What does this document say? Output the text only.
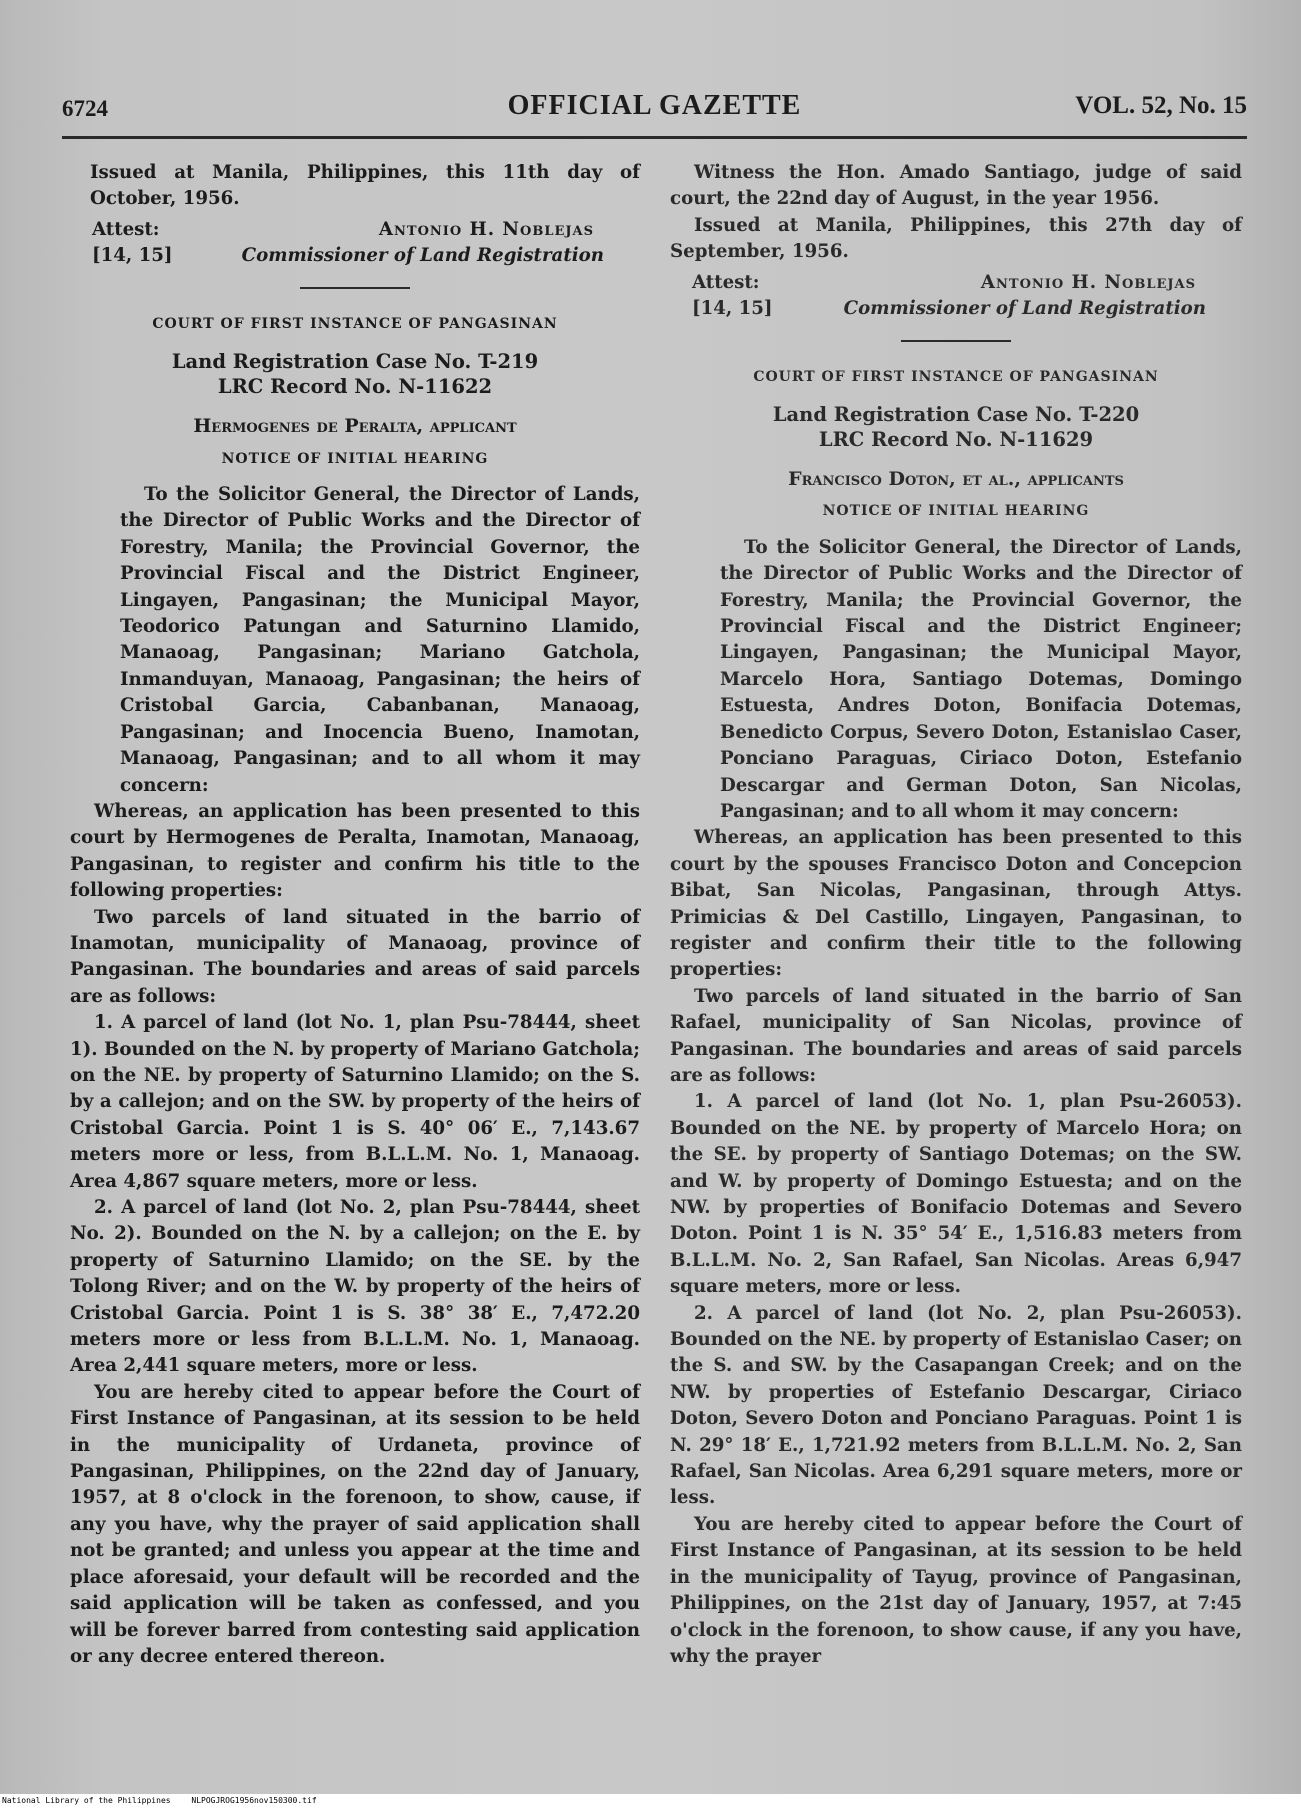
6724	OFFICIAL GAZETTE	VOL. 52, No. 15

Issued at Manila, Philippines, this 11th day of October, 1956.

Attest:
[14, 15]
Antonio H. Noblejas
Commissioner of Land Registration
COURT OF FIRST INSTANCE OF PANGASINAN
Land Registration Case No. T-219
LRC Record No. N-11622
Hermogenes de Peralta, applicant
NOTICE OF INITIAL HEARING

To the Solicitor General, the Director of Lands, the Director of Public Works and the Director of Forestry, Manila; the Provincial Governor, the Provincial Fiscal and the District Engineer, Lingayen, Pangasinan; the Municipal Mayor, Teodorico Patungan and Saturnino Llamido, Manaoag, Pangasinan; Mariano Gatchola, Inmanduyan, Manaoag, Pangasinan; the heirs of Cristobal Garcia, Cabanbanan, Manaoag, Pangasinan; and Inocencia Bueno, Inamotan, Manaoag, Pangasinan; and to all whom it may concern:

Whereas, an application has been presented to this court by Hermogenes de Peralta, Inamotan, Manaoag, Pangasinan, to register and confirm his title to the following properties:

Two parcels of land situated in the barrio of Inamotan, municipality of Manaoag, province of Pangasinan. The boundaries and areas of said parcels are as follows:

1. A parcel of land (lot No. 1, plan Psu-78444, sheet 1). Bounded on the N. by property of Mariano Gatchola; on the NE. by property of Saturnino Llamido; on the S. by a callejon; and on the SW. by property of the heirs of Cristobal Garcia. Point 1 is S. 40° 06′ E., 7,143.67 meters more or less, from B.L.L.M. No. 1, Manaoag. Area 4,867 square meters, more or less.

2. A parcel of land (lot No. 2, plan Psu-78444, sheet No. 2). Bounded on the N. by a callejon; on the E. by property of Saturnino Llamido; on the SE. by the Tolong River; and on the W. by property of the heirs of Cristobal Garcia. Point 1 is S. 38° 38′ E., 7,472.20 meters more or less from B.L.L.M. No. 1, Manaoag. Area 2,441 square meters, more or less.

You are hereby cited to appear before the Court of First Instance of Pangasinan, at its session to be held in the municipality of Urdaneta, province of Pangasinan, Philippines, on the 22nd day of January, 1957, at 8 o'clock in the forenoon, to show, cause, if any you have, why the prayer of said application shall not be granted; and unless you appear at the time and place aforesaid, your default will be recorded and the said application will be taken as confessed, and you will be forever barred from contesting said application or any decree entered thereon.

Witness the Hon. Amado Santiago, judge of said court, the 22nd day of August, in the year 1956.

Issued at Manila, Philippines, this 27th day of September, 1956.

Attest:
[14, 15]
Antonio H. Noblejas
Commissioner of Land Registration
COURT OF FIRST INSTANCE OF PANGASINAN
Land Registration Case No. T-220
LRC Record No. N-11629
Francisco Doton, et al., applicants
NOTICE OF INITIAL HEARING

To the Solicitor General, the Director of Lands, the Director of Public Works and the Director of Forestry, Manila; the Provincial Governor, the Provincial Fiscal and the District Engineer; Lingayen, Pangasinan; the Municipal Mayor, Marcelo Hora, Santiago Dotemas, Domingo Estuesta, Andres Doton, Bonifacia Dotemas, Benedicto Corpus, Severo Doton, Estanislao Caser, Ponciano Paraguas, Ciriaco Doton, Estefanio Descargar and German Doton, San Nicolas, Pangasinan; and to all whom it may concern:

Whereas, an application has been presented to this court by the spouses Francisco Doton and Concepcion Bibat, San Nicolas, Pangasinan, through Attys. Primicias & Del Castillo, Lingayen, Pangasinan, to register and confirm their title to the following properties:

Two parcels of land situated in the barrio of San Rafael, municipality of San Nicolas, province of Pangasinan. The boundaries and areas of said parcels are as follows:

1. A parcel of land (lot No. 1, plan Psu-26053). Bounded on the NE. by property of Marcelo Hora; on the SE. by property of Santiago Dotemas; on the SW. and W. by property of Domingo Estuesta; and on the NW. by properties of Bonifacio Dotemas and Severo Doton. Point 1 is N. 35° 54′ E., 1,516.83 meters from B.L.L.M. No. 2, San Rafael, San Nicolas. Areas 6,947 square meters, more or less.

2. A parcel of land (lot No. 2, plan Psu-26053). Bounded on the NE. by property of Estanislao Caser; on the S. and SW. by the Casapangan Creek; and on the NW. by properties of Estefanio Descargar, Ciriaco Doton, Severo Doton and Ponciano Paraguas. Point 1 is N. 29° 18′ E., 1,721.92 meters from B.L.L.M. No. 2, San Rafael, San Nicolas. Area 6,291 square meters, more or less.

You are hereby cited to appear before the Court of First Instance of Pangasinan, at its session to be held in the municipality of Tayug, province of Pangasinan, Philippines, on the 21st day of January, 1957, at 7:45 o'clock in the forenoon, to show cause, if any you have, why the prayer

National Library of the Philippines	NLPOGJROG1956nov150300.tif
